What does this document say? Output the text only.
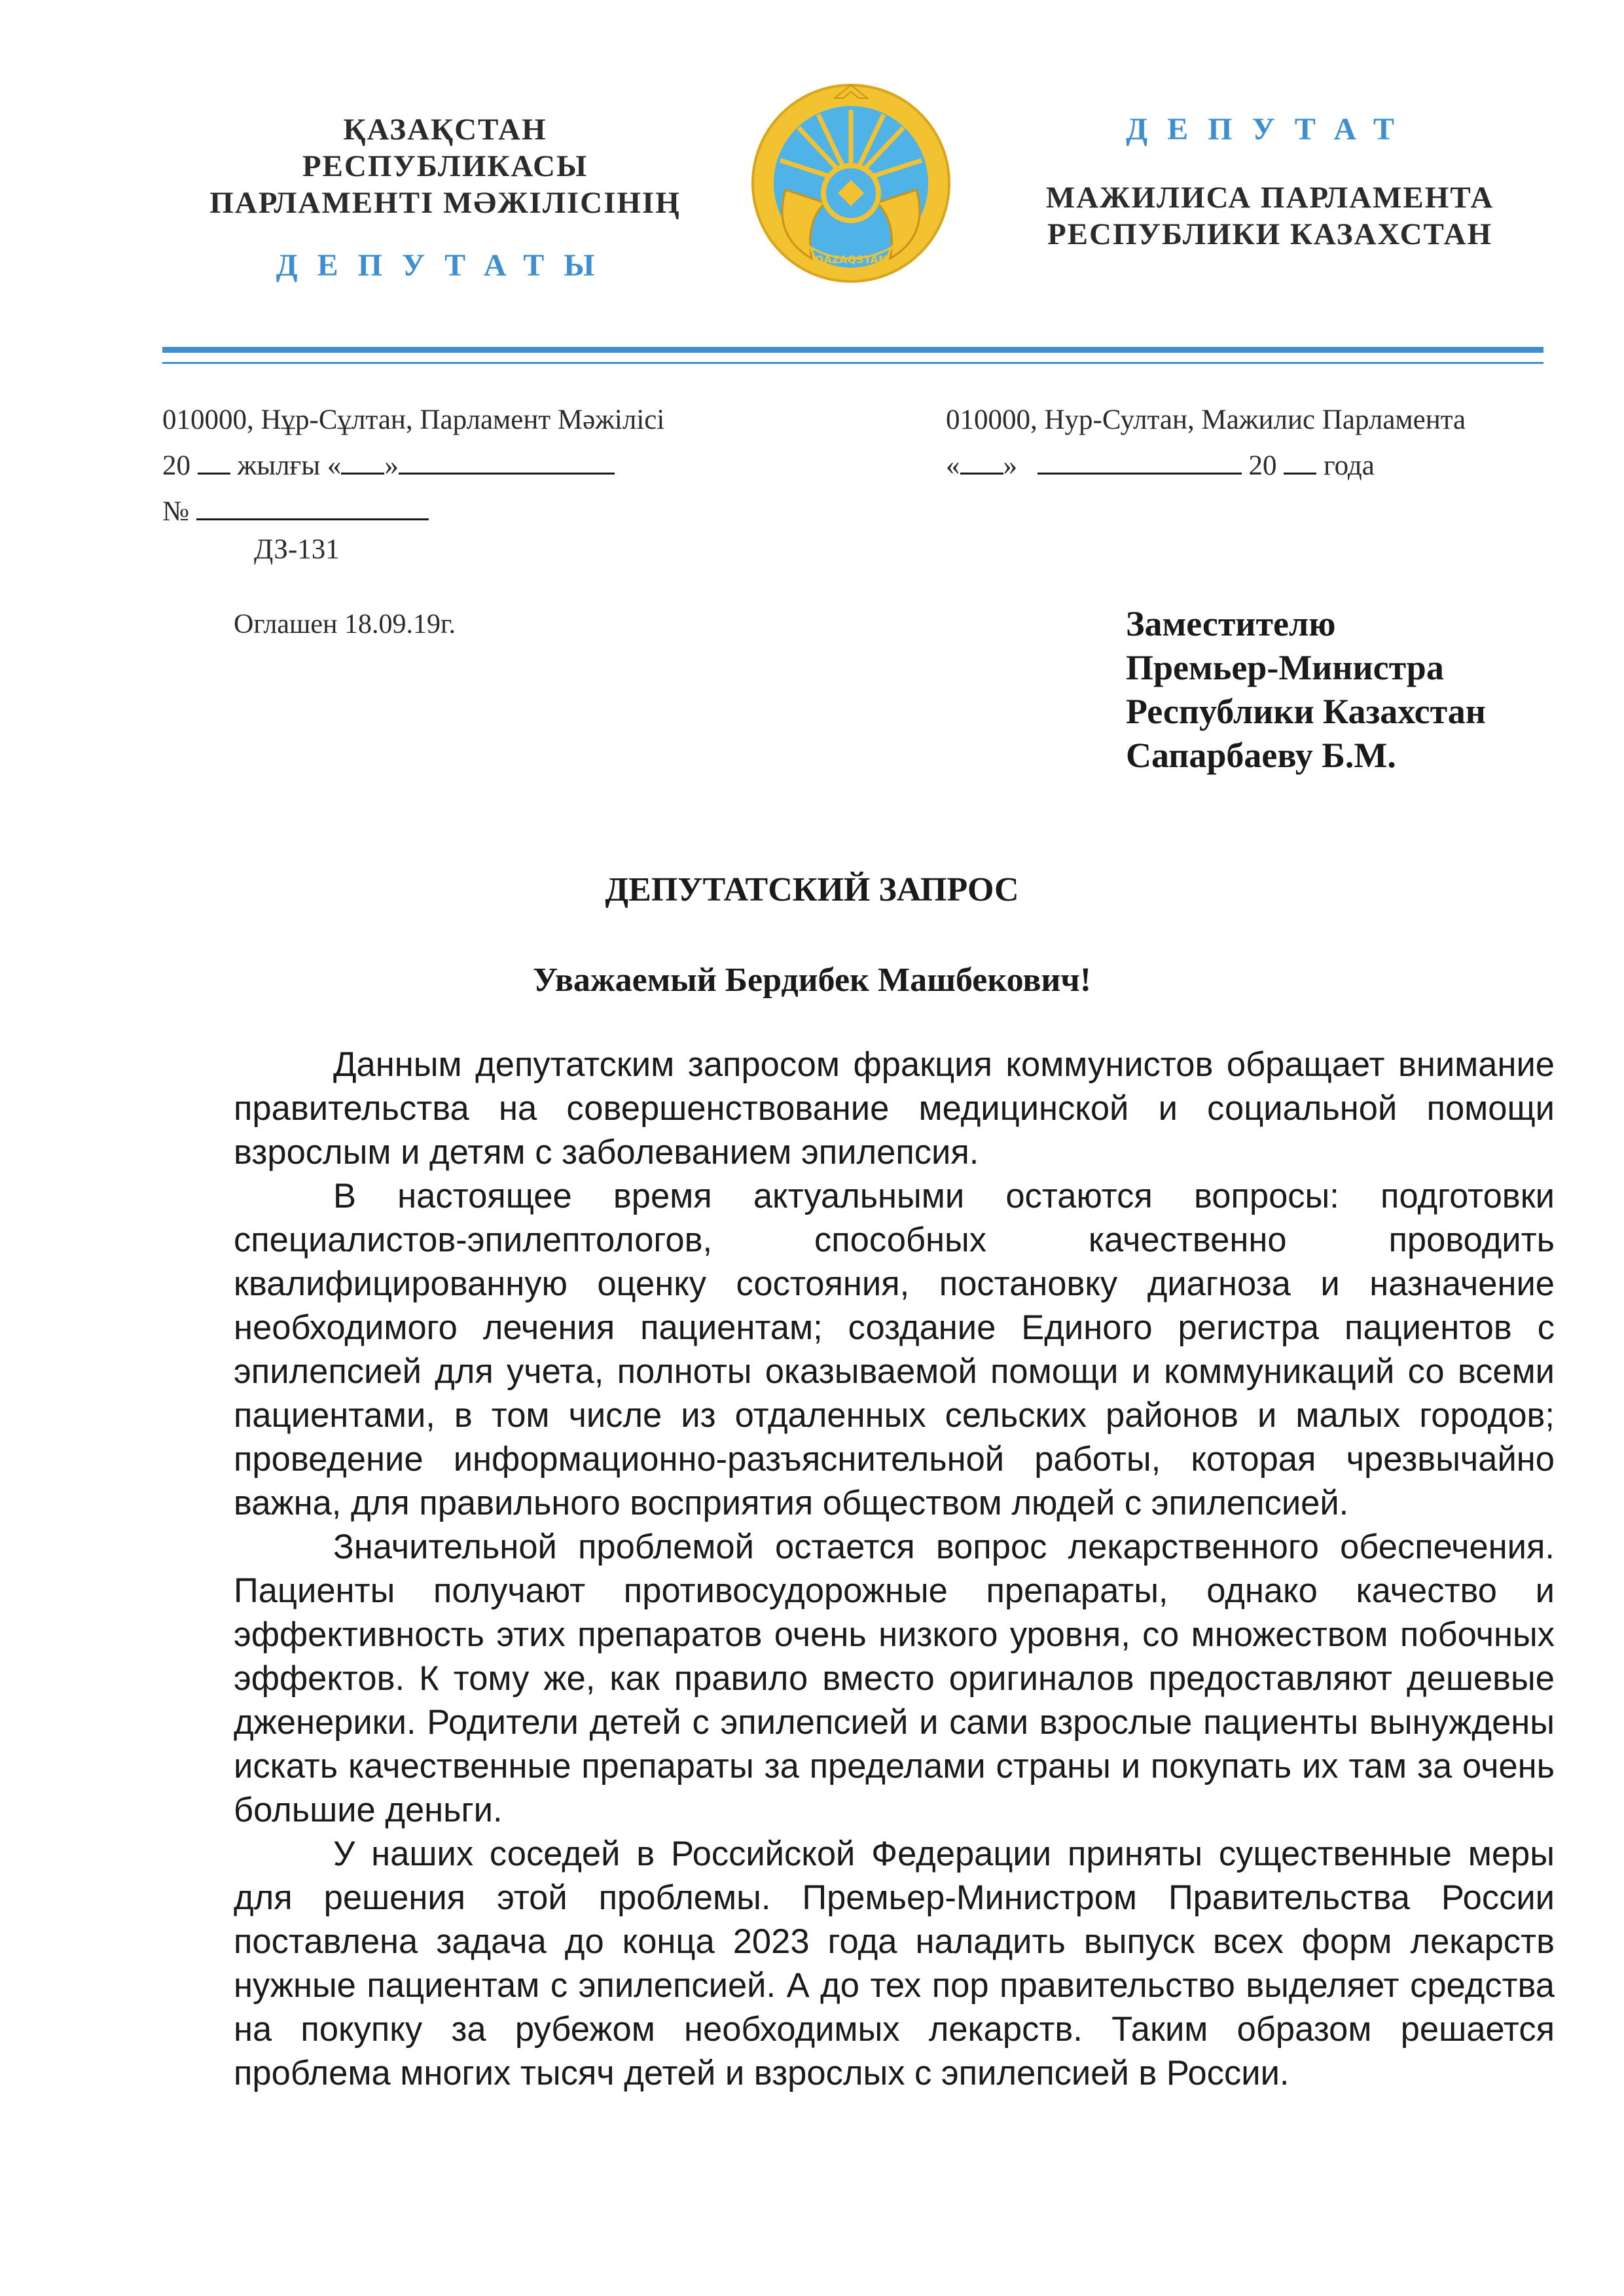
ҚАЗАҚСТАН РЕСПУБЛИКАСЫ
ПАРЛАМЕНТІ МӘЖІЛІСІНІҢ
ДЕПУТАТЫ	QAZAQSTAN
ДЕПУТАТ
МАЖИЛИСА ПАРЛАМЕНТА
РЕСПУБЛИКИ КАЗАХСТАН
010000, Нұр-Сұлтан, Парламент Мәжілісі
20 жылғы « »
№
010000, Нур-Султан, Мажилис Парламента
« »	20 года
ДЗ-131
Оглашен 18.09.19г.	Заместителю
Премьер-Министра
Республики Казахстан
Сапарбаеву Б.М.
ДЕПУТАТСКИЙ ЗАПРОС
Уважаемый Бердибек Машбекович!

Данным депутатским запросом фракция коммунистов обращает внимание правительства на совершенствование медицинской и социальной помощи взрослым и детям с заболеванием эпилепсия.

В настоящее время актуальными остаются вопросы: подготовки специалистов-эпилептологов, способных качественно проводить квалифицированную оценку состояния, постановку диагноза и назначение необходимого лечения пациентам; создание Единого регистра пациентов с эпилепсией для учета, полноты оказываемой помощи и коммуникаций со всеми пациентами, в том числе из отдаленных сельских районов и малых городов; проведение информационно-разъяснительной работы, которая чрезвычайно важна, для правильного восприятия обществом людей с эпилепсией.

Значительной проблемой остается вопрос лекарственного обеспечения. Пациенты получают противосудорожные препараты, однако качество и эффективность этих препаратов очень низкого уровня, со множеством побочных эффектов. К тому же, как правило вместо оригиналов предоставляют дешевые дженерики. Родители детей с эпилепсией и сами взрослые пациенты вынуждены искать качественные препараты за пределами страны и покупать их там за очень большие деньги.

У наших соседей в Российской Федерации приняты существенные меры для решения этой проблемы. Премьер-Министром Правительства России поставлена задача до конца 2023 года наладить выпуск всех форм лекарств нужные пациентам с эпилепсией. А до тех пор правительство выделяет средства на покупку за рубежом необходимых лекарств. Таким образом решается проблема многих тысяч детей и взрослых с эпилепсией в России.
